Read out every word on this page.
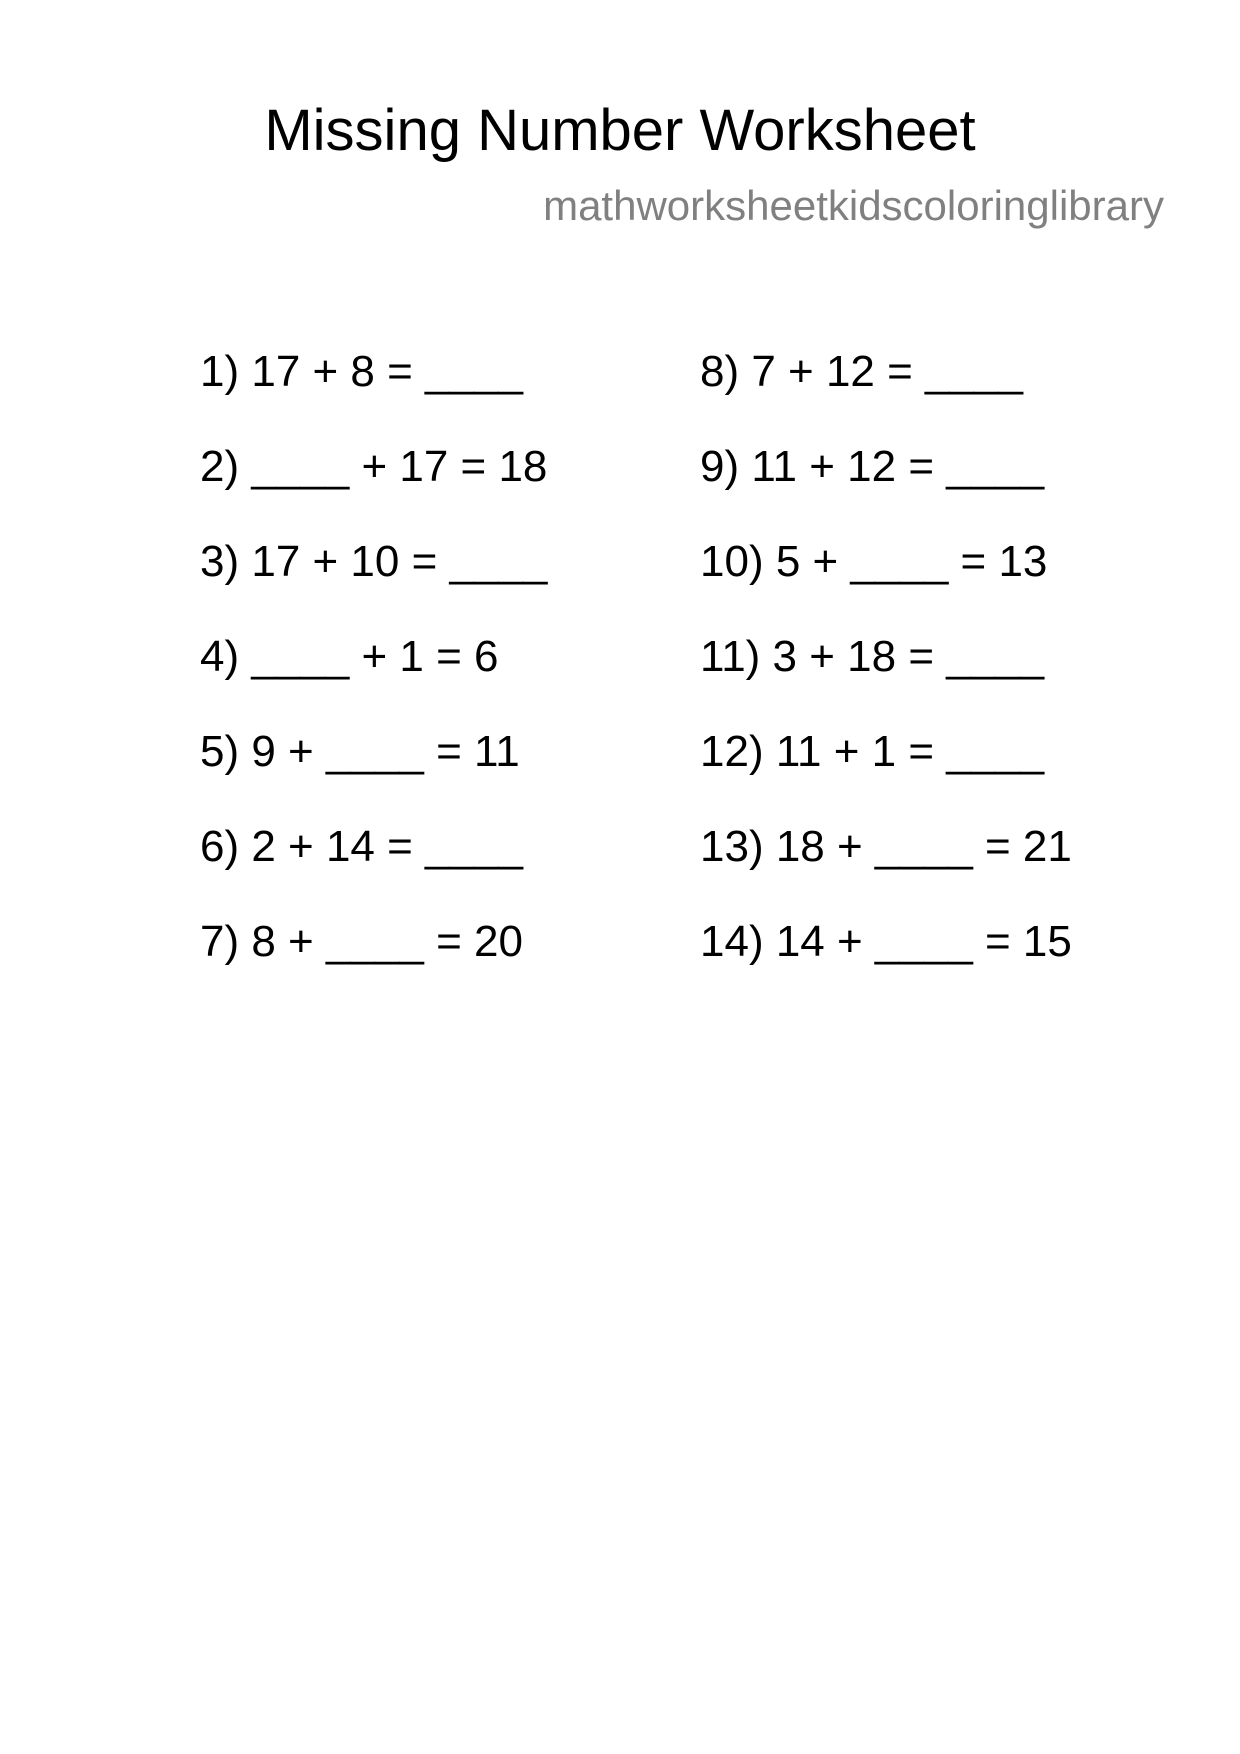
Missing Number Worksheet
mathworksheetkidscoloringlibrary
1) 17 + 8 = ____
2) ____ + 17 = 18
3) 17 + 10 = ____
4) ____ + 1 = 6
5) 9 + ____ = 11
6) 2 + 14 = ____
7) 8 + ____ = 20
8) 7 + 12 = ____
9) 11 + 12 = ____
10) 5 + ____ = 13
11) 3 + 18 = ____
12) 11 + 1 = ____
13) 18 + ____ = 21
14) 14 + ____ = 15
